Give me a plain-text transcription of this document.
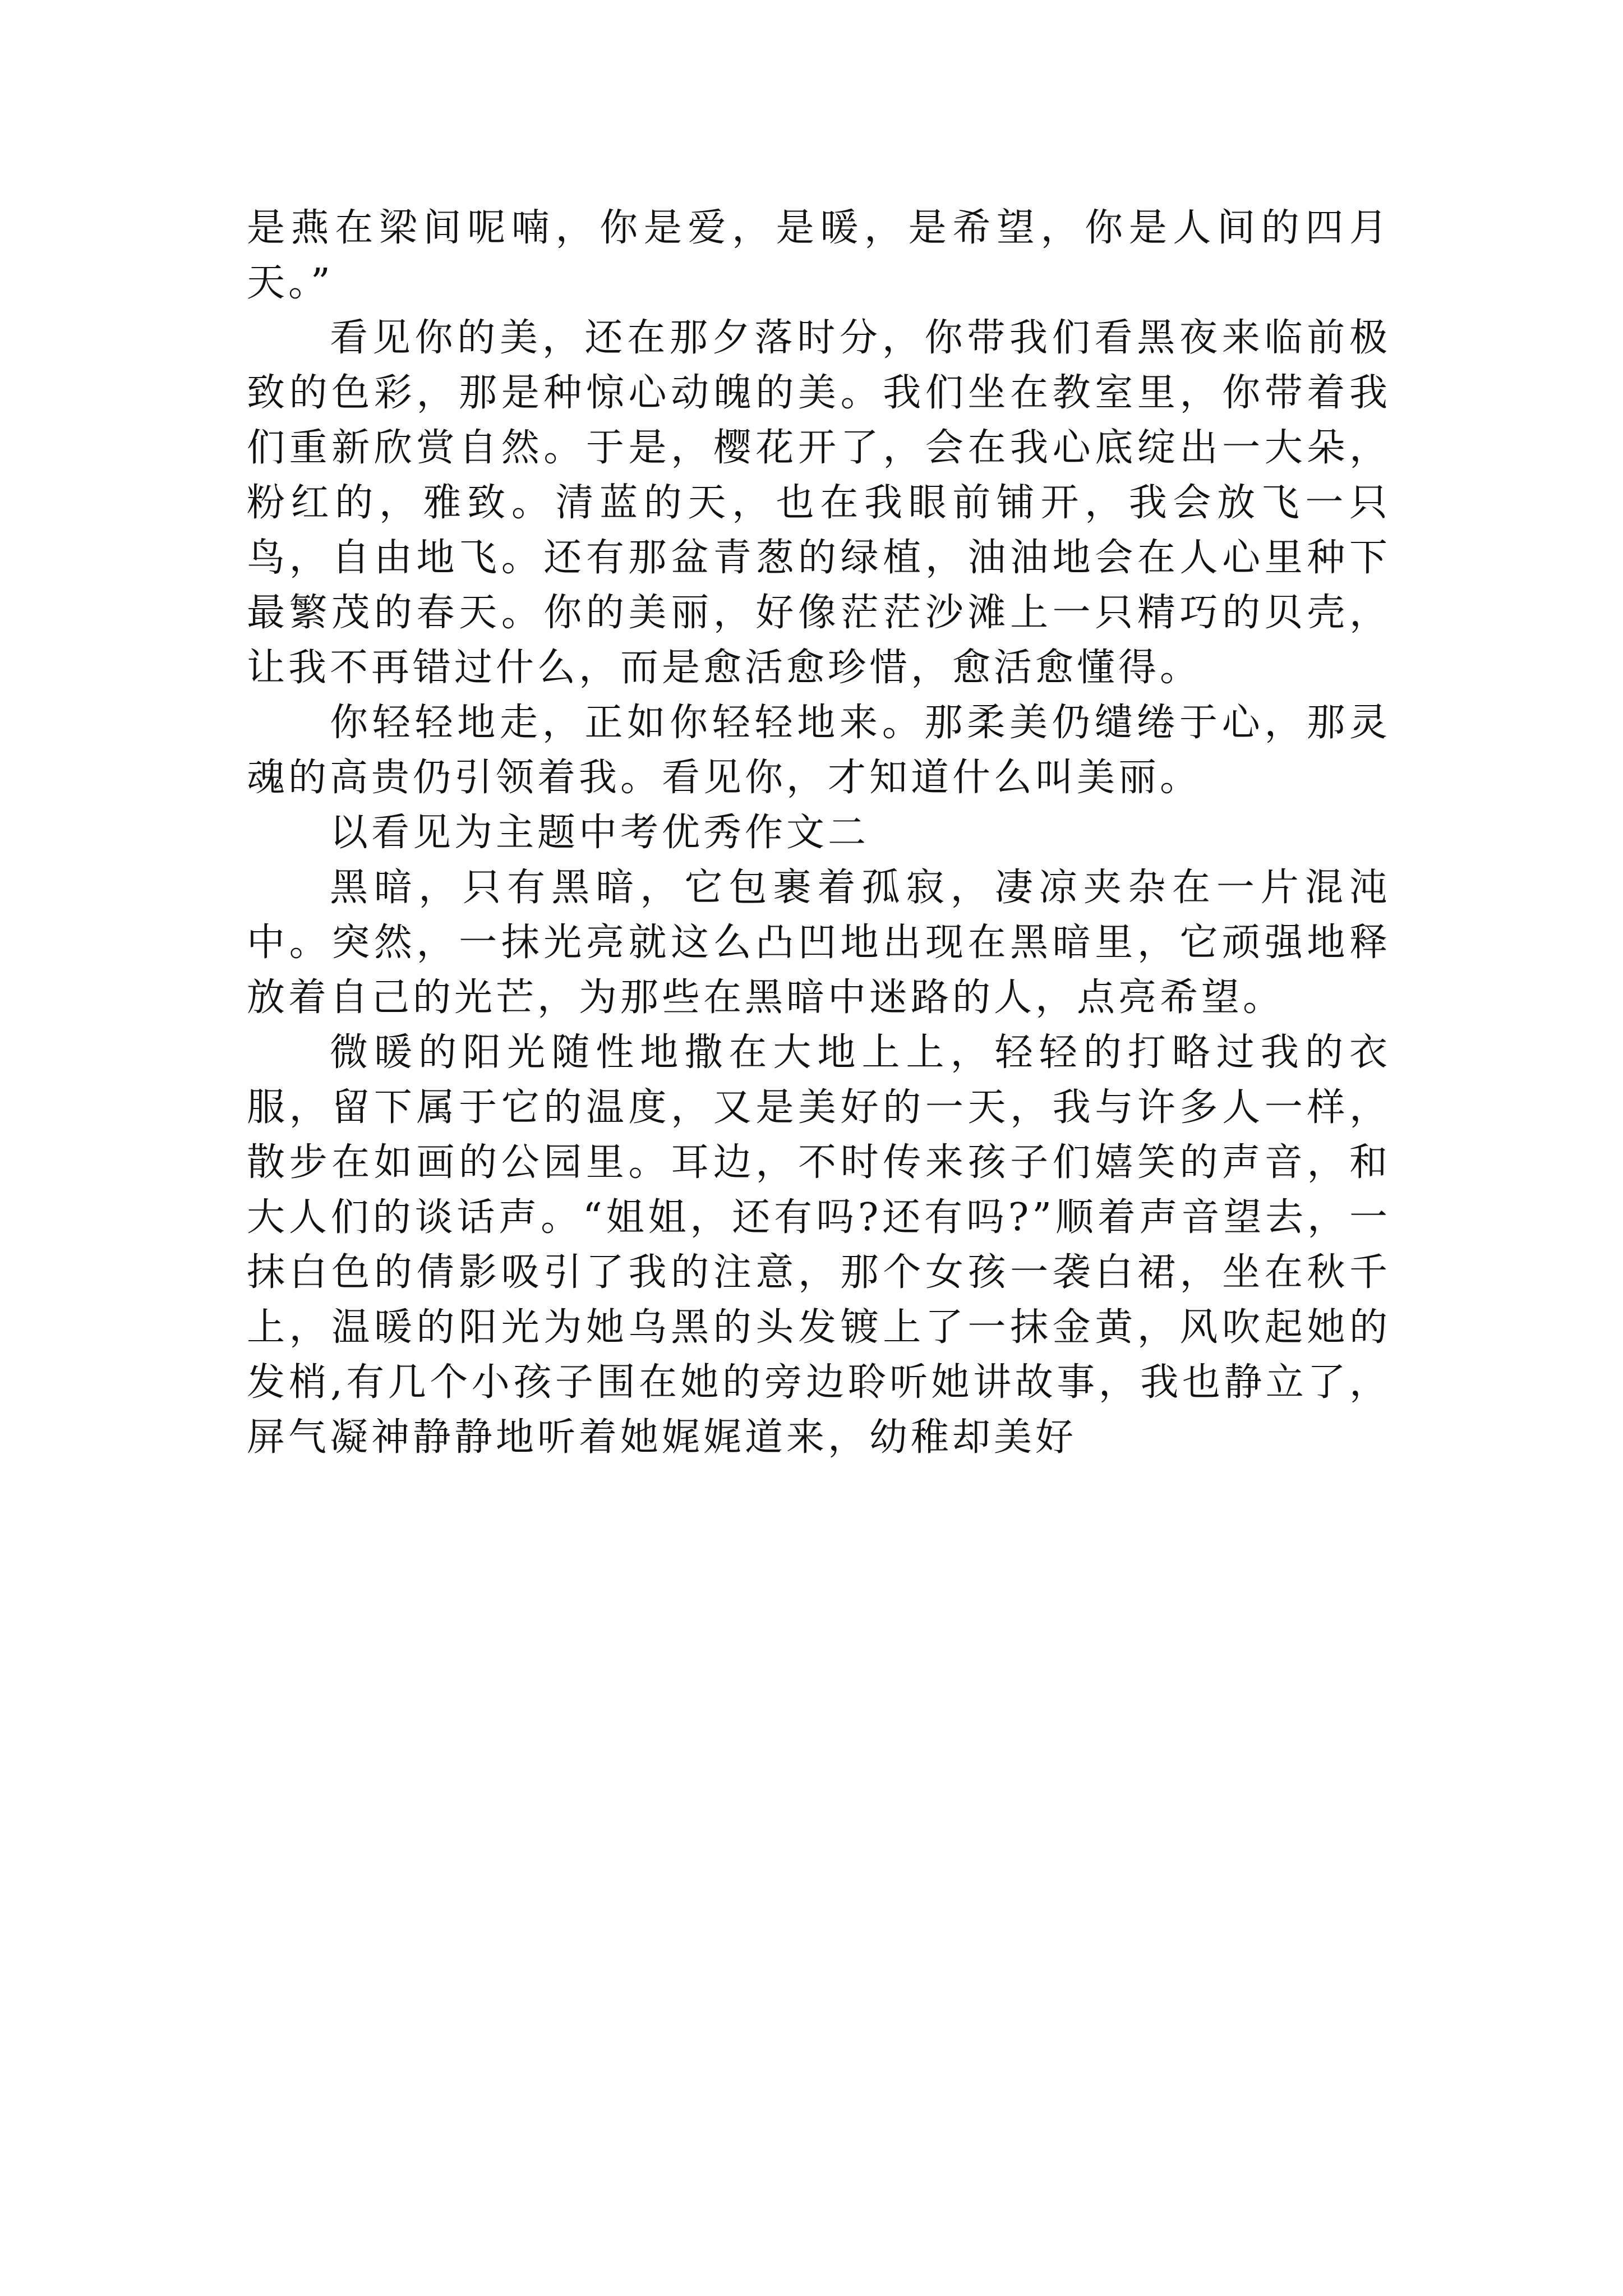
是燕在梁间呢喃，你是爱，是暖，是希望，你是人间的四月天。”

看见你的美，还在那夕落时分，你带我们看黑夜来临前极致的色彩，那是种惊心动魄的美。我们坐在教室里，你带着我们重新欣赏自然。于是，樱花开了，会在我心底绽出一大朵，粉红的，雅致。清蓝的天，也在我眼前铺开，我会放飞一只鸟，自由地飞。还有那盆青葱的绿植，油油地会在人心里种下最繁茂的春天。你的美丽，好像茫茫沙滩上一只精巧的贝壳，让我不再错过什么，而是愈活愈珍惜，愈活愈懂得。

你轻轻地走，正如你轻轻地来。那柔美仍缱绻于心，那灵魂的高贵仍引领着我。看见你，才知道什么叫美丽。

以看见为主题中考优秀作文二

黑暗，只有黑暗，它包裹着孤寂，凄凉夹杂在一片混沌中。突然，一抹光亮就这么凸凹地出现在黑暗里，它顽强地释放着自己的光芒，为那些在黑暗中迷路的人，点亮希望。

微暖的阳光随性地撒在大地上上，轻轻的打略过我的衣服，留下属于它的温度，又是美好的一天，我与许多人一样，散步在如画的公园里。耳边，不时传来孩子们嬉笑的声音，和大人们的谈话声。“姐姐，还有吗?还有吗?”顺着声音望去，一抹白色的倩影吸引了我的注意，那个女孩一袭白裙，坐在秋千上，温暖的阳光为她乌黑的头发镀上了一抹金黄，风吹起她的发梢,有几个小孩子围在她的旁边聆听她讲故事，我也静立了，屏气凝神静静地听着她娓娓道来，幼稚却美好
